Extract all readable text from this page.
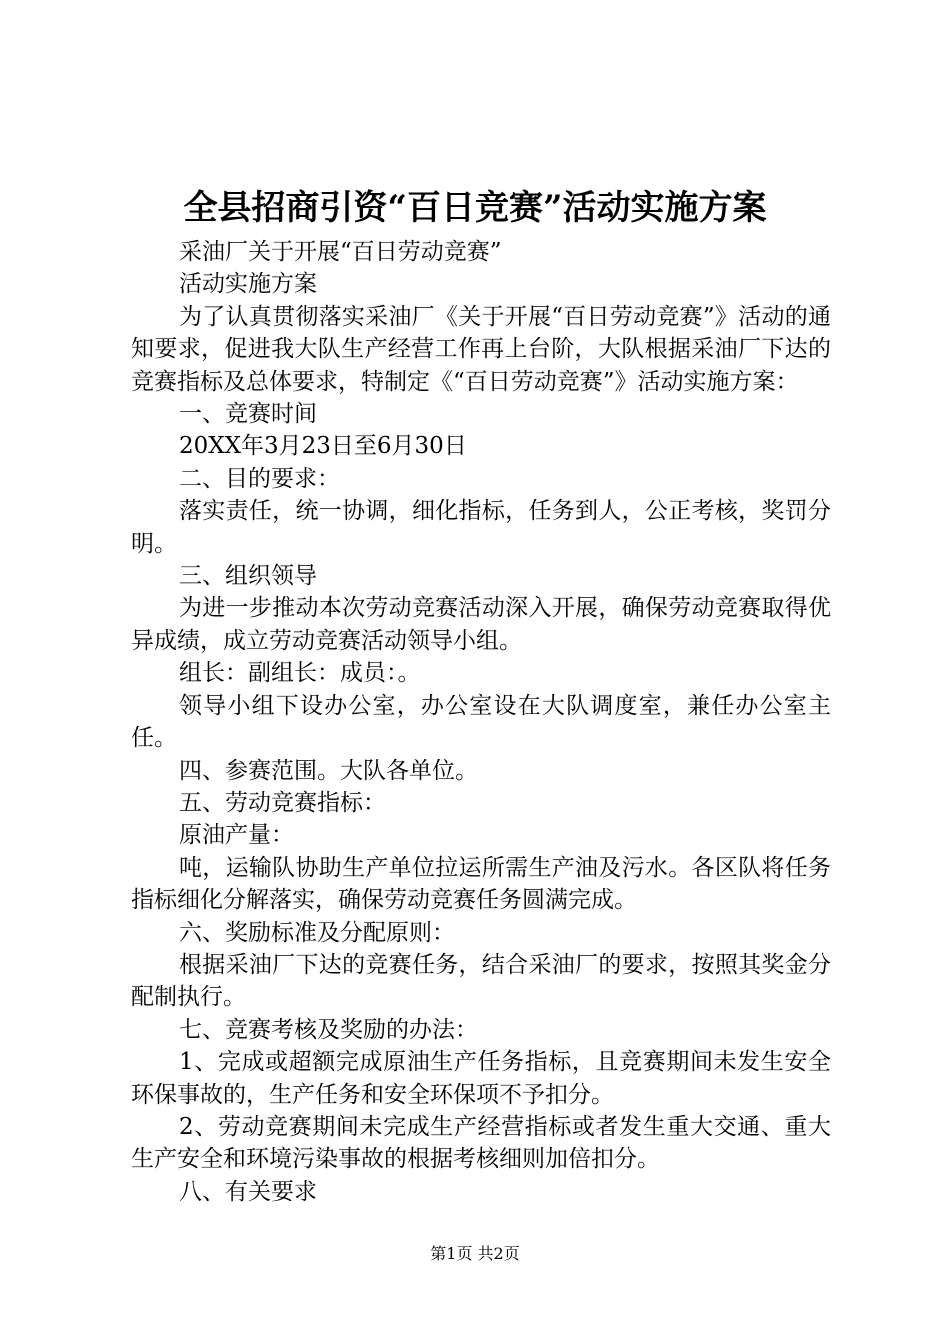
全县招商引资“百日竞赛”活动实施方案

采油厂关于开展“百日劳动竞赛”

活动实施方案

为了认真贯彻落实采油厂《关于开展“百日劳动竞赛”》活动的通知要求，促进我大队生产经营工作再上台阶，大队根据采油厂下达的竞赛指标及总体要求，特制定《“百日劳动竞赛”》活动实施方案：

一、竞赛时间

20XX年3月23日至6月30日

二、目的要求：

落实责任，统一协调，细化指标，任务到人，公正考核，奖罚分明。

三、组织领导

为进一步推动本次劳动竞赛活动深入开展，确保劳动竞赛取得优异成绩，成立劳动竞赛活动领导小组。

组长：副组长：成员：。

领导小组下设办公室，办公室设在大队调度室，兼任办公室主任。

四、参赛范围。大队各单位。

五、劳动竞赛指标：

原油产量：

吨，运输队协助生产单位拉运所需生产油及污水。各区队将任务指标细化分解落实，确保劳动竞赛任务圆满完成。

六、奖励标准及分配原则：

根据采油厂下达的竞赛任务，结合采油厂的要求，按照其奖金分配制执行。

七、竞赛考核及奖励的办法：

1、完成或超额完成原油生产任务指标，且竞赛期间未发生安全环保事故的，生产任务和安全环保项不予扣分。

2、劳动竞赛期间未完成生产经营指标或者发生重大交通、重大生产安全和环境污染事故的根据考核细则加倍扣分。

八、有关要求

第1页 共2页
